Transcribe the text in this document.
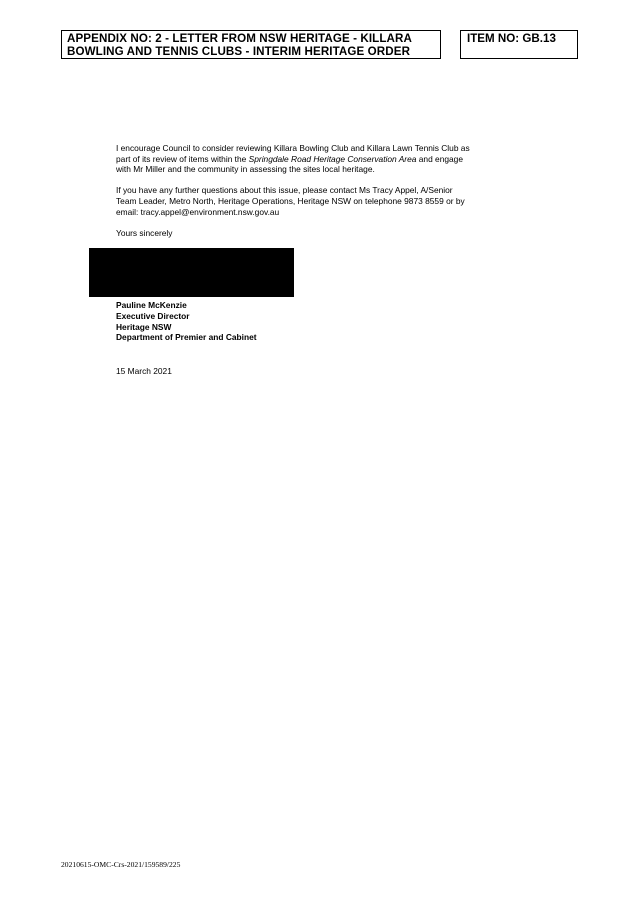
APPENDIX NO: 2 - LETTER FROM NSW HERITAGE - KILLARA
BOWLING AND TENNIS CLUBS - INTERIM HERITAGE ORDER
ITEM NO: GB.13

I encourage Council to consider reviewing Killara Bowling Club and Killara Lawn Tennis Club as
part of its review of items within the Springdale Road Heritage Conservation Area and engage
with Mr Miller and the community in assessing the sites local heritage.

If you have any further questions about this issue, please contact Ms Tracy Appel, A/Senior
Team Leader, Metro North, Heritage Operations, Heritage NSW on telephone 9873 8559 or by
email: tracy.appel@environment.nsw.gov.au

Yours sincerely

Pauline McKenzie
Executive Director
Heritage NSW
Department of Premier and Cabinet
15 March 2021
20210615-OMC-Crs-2021/159589/225
